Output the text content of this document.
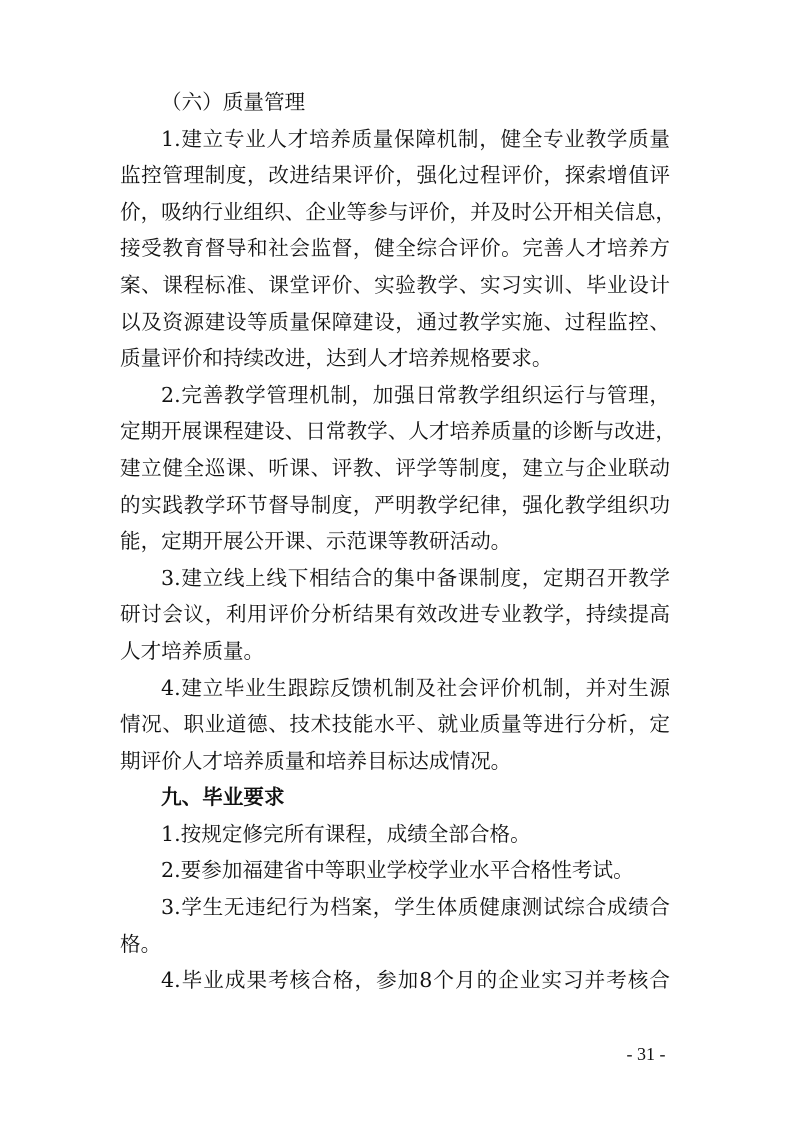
（六）质量管理
1.建立专业人才培养质量保障机制，健全专业教学质量
监控管理制度，改进结果评价，强化过程评价，探索增值评
价，吸纳行业组织、企业等参与评价，并及时公开相关信息，
接受教育督导和社会监督，健全综合评价。完善人才培养方
案、课程标准、课堂评价、实验教学、实习实训、毕业设计
以及资源建设等质量保障建设，通过教学实施、过程监控、
质量评价和持续改进，达到人才培养规格要求。
2.完善教学管理机制，加强日常教学组织运行与管理，
定期开展课程建设、日常教学、人才培养质量的诊断与改进，
建立健全巡课、听课、评教、评学等制度，建立与企业联动
的实践教学环节督导制度，严明教学纪律，强化教学组织功
能，定期开展公开课、示范课等教研活动。
3.建立线上线下相结合的集中备课制度，定期召开教学
研讨会议，利用评价分析结果有效改进专业教学，持续提高
人才培养质量。
4.建立毕业生跟踪反馈机制及社会评价机制，并对生源
情况、职业道德、技术技能水平、就业质量等进行分析，定
期评价人才培养质量和培养目标达成情况。
九、毕业要求
1.按规定修完所有课程，成绩全部合格。
2.要参加福建省中等职业学校学业水平合格性考试。
3.学生无违纪行为档案，学生体质健康测试综合成绩合
格。
4.毕业成果考核合格，参加8个月的企业实习并考核合
- 31 -
